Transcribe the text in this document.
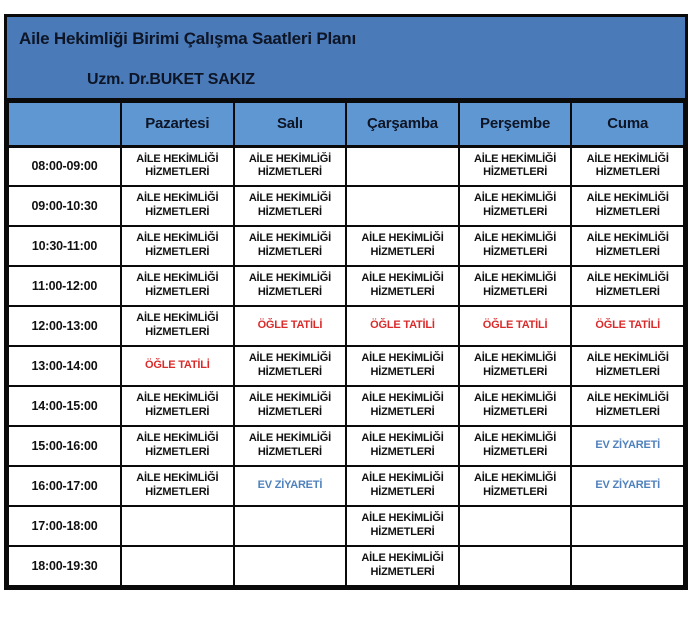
Aile Hekimliği Birimi Çalışma Saatleri Planı
Uzm. Dr.BUKET SAKIZ
	Pazartesi	Salı	Çarşamba	Perşembe	Cuma
08:00-09:00	AİLE HEKİMLİĞİ HİZMETLERİ	AİLE HEKİMLİĞİ HİZMETLERİ		AİLE HEKİMLİĞİ HİZMETLERİ	AİLE HEKİMLİĞİ HİZMETLERİ
09:00-10:30	AİLE HEKİMLİĞİ HİZMETLERİ	AİLE HEKİMLİĞİ HİZMETLERİ		AİLE HEKİMLİĞİ HİZMETLERİ	AİLE HEKİMLİĞİ HİZMETLERİ
10:30-11:00	AİLE HEKİMLİĞİ HİZMETLERİ	AİLE HEKİMLİĞİ HİZMETLERİ	AİLE HEKİMLİĞİ HİZMETLERİ	AİLE HEKİMLİĞİ HİZMETLERİ	AİLE HEKİMLİĞİ HİZMETLERİ
11:00-12:00	AİLE HEKİMLİĞİ HİZMETLERİ	AİLE HEKİMLİĞİ HİZMETLERİ	AİLE HEKİMLİĞİ HİZMETLERİ	AİLE HEKİMLİĞİ HİZMETLERİ	AİLE HEKİMLİĞİ HİZMETLERİ
12:00-13:00	AİLE HEKİMLİĞİ HİZMETLERİ	ÖĞLE TATİLİ	ÖĞLE TATİLİ	ÖĞLE TATİLİ	ÖĞLE TATİLİ
13:00-14:00	ÖĞLE TATİLİ	AİLE HEKİMLİĞİ HİZMETLERİ	AİLE HEKİMLİĞİ HİZMETLERİ	AİLE HEKİMLİĞİ HİZMETLERİ	AİLE HEKİMLİĞİ HİZMETLERİ
14:00-15:00	AİLE HEKİMLİĞİ HİZMETLERİ	AİLE HEKİMLİĞİ HİZMETLERİ	AİLE HEKİMLİĞİ HİZMETLERİ	AİLE HEKİMLİĞİ HİZMETLERİ	AİLE HEKİMLİĞİ HİZMETLERİ
15:00-16:00	AİLE HEKİMLİĞİ HİZMETLERİ	AİLE HEKİMLİĞİ HİZMETLERİ	AİLE HEKİMLİĞİ HİZMETLERİ	AİLE HEKİMLİĞİ HİZMETLERİ	EV ZİYARETİ
16:00-17:00	AİLE HEKİMLİĞİ HİZMETLERİ	EV ZİYARETİ	AİLE HEKİMLİĞİ HİZMETLERİ	AİLE HEKİMLİĞİ HİZMETLERİ	EV ZİYARETİ
17:00-18:00			AİLE HEKİMLİĞİ HİZMETLERİ		
18:00-19:30			AİLE HEKİMLİĞİ HİZMETLERİ		
